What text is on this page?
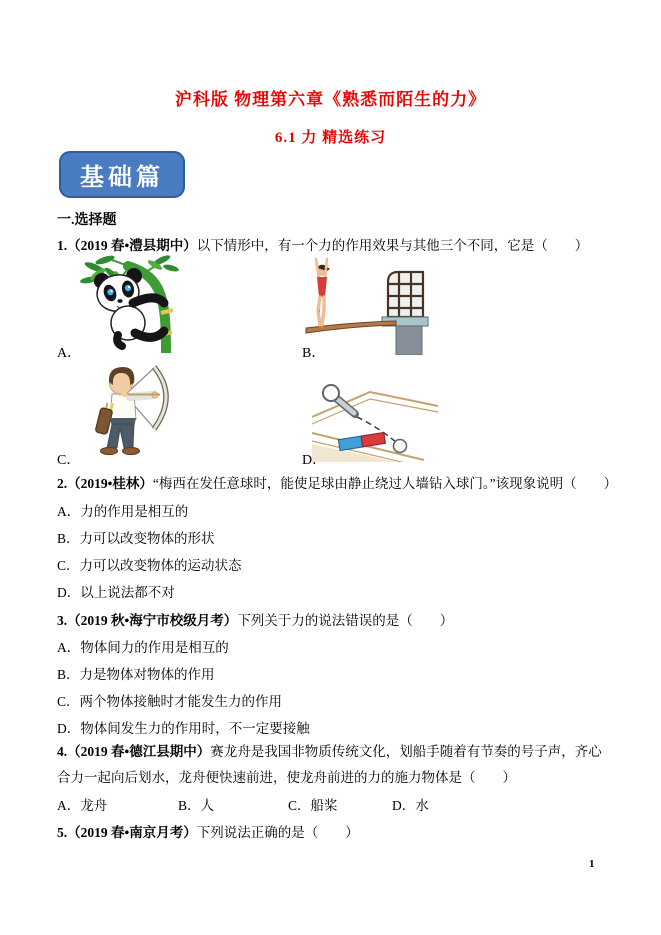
沪科版 物理第六章《熟悉而陌生的力》
6.1 力 精选练习
基础篇
一.选择题
1.（2019 春•澧县期中）以下情形中，有一个力的作用效果与其他三个不同，它是（　　）
A．	B．
C．	D．
2.（2019•桂林）“梅西在发任意球时，能使足球由静止绕过人墙钻入球门。”该现象说明（　　）
A．力的作用是相互的
B．力可以改变物体的形状
C．力可以改变物体的运动状态
D．以上说法都不对
3.（2019 秋•海宁市校级月考）下列关于力的说法错误的是（　　）
A．物体间力的作用是相互的
B．力是物体对物体的作用
C．两个物体接触时才能发生力的作用
D．物体间发生力的作用时，不一定要接触
4.（2019 春•德江县期中）赛龙舟是我国非物质传统文化，划船手随着有节奏的号子声，齐心合力一起向后划水，龙舟便快速前进，使龙舟前进的力的施力物体是（　　）
A．龙舟	B．人	C．船桨	D．水
5.（2019 春•南京月考）下列说法正确的是（　　）
1
